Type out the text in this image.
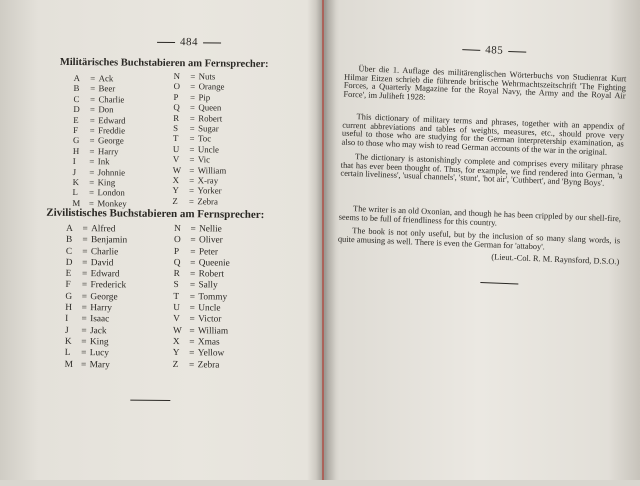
484
Militärisches Buchstabieren am Fernsprecher:
A = Ack
B = Beer
C = Charlie
D = Don
E = Edward
F = Freddie
G = George
H = Harry
I = Ink
J = Johnnie
K = King
L = London
M = Monkey
N = Nuts
O = Orange
P = Pip
Q = Queen
R = Robert
S = Sugar
T = Toc
U = Uncle
V = Vic
W = William
X = X-ray
Y = Yorker
Z = Zebra
Zivilistisches Buchstabieren am Fernsprecher:
A = Alfred
B = Benjamin
C = Charlie
D = David
E = Edward
F = Frederick
G = George
H = Harry
I = Isaac
J = Jack
K = King
L = Lucy
M = Mary
N = Nellie
O = Oliver
P = Peter
Q = Queenie
R = Robert
S = Sally
T = Tommy
U = Uncle
V = Victor
W = William
X = Xmas
Y = Yellow
Z = Zebra
485

Über die 1. Auflage des militärenglischen Wörterbuchs von Studienrat Kurt Hilmar Eitzen schrieb die führende britische Wehrmachtszeitschrift 'The Fighting Forces, a Quarterly Magazine for the Royal Navy, the Army and the Royal Air Force', im Juliheft 1928:

This dictionary of military terms and phrases, together with an appendix of current abbreviations and tables of weights, measures, etc., should prove very useful to those who are studying for the German interpretership examination, as also to those who may wish to read German accounts of the war in the original.

The dictionary is astonishingly complete and comprises every military phrase that has ever been thought of. Thus, for example, we find rendered into German, 'a certain liveliness', 'usual channels', 'stunt', 'hot air', 'Cuthbert', and 'Byng Boys'.

The writer is an old Oxonian, and though he has been crippled by our shell-fire, seems to be full of friendliness for this country.

The book is not only useful, but by the inclusion of so many slang words, is quite amusing as well. There is even the German for 'attaboy'.

(Lieut.-Col. R. M. Raynsford, D.S.O.)
